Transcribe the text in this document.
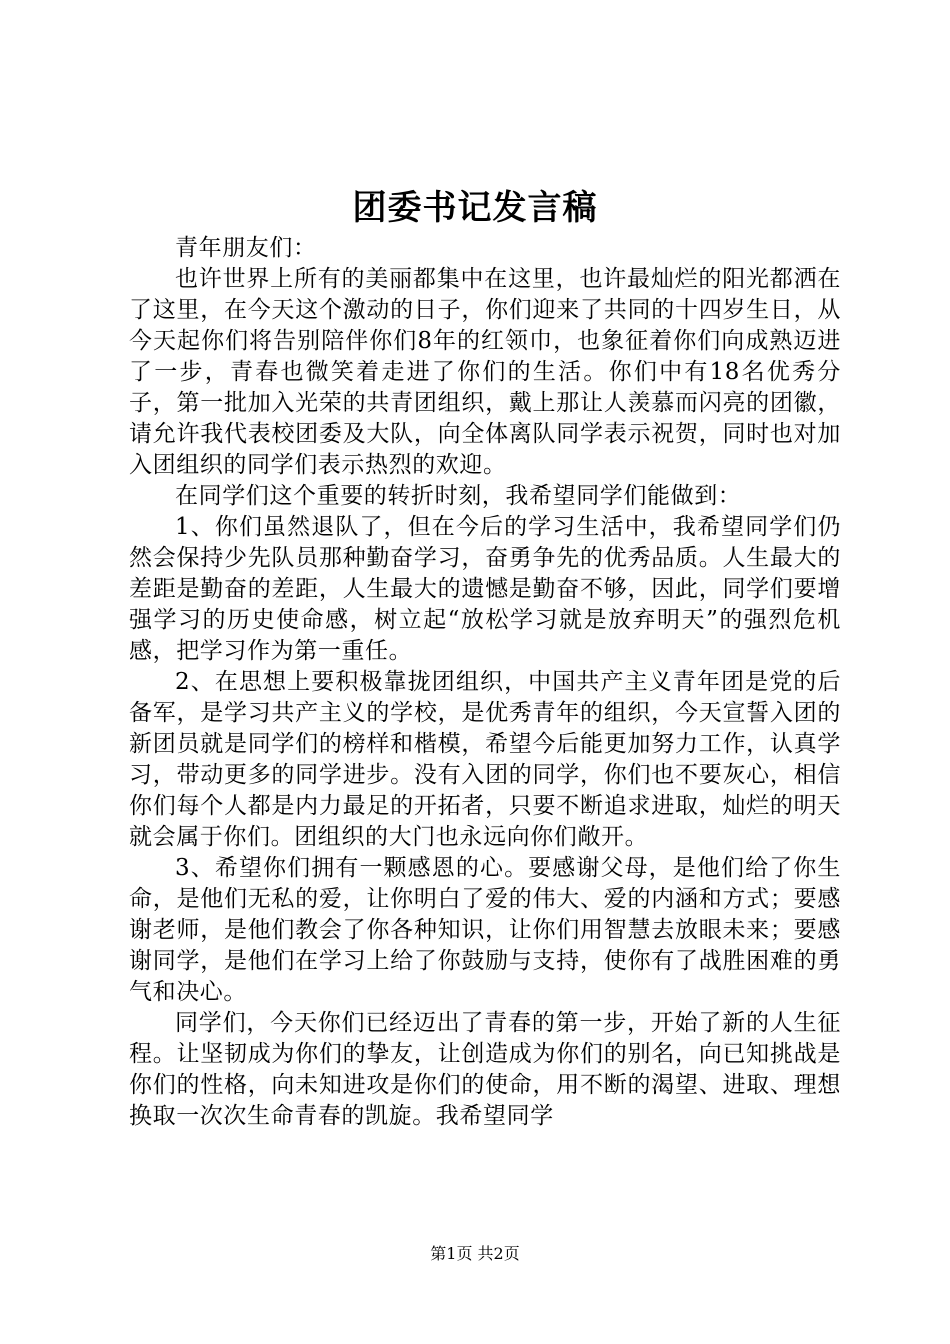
团委书记发言稿

青年朋友们：

也许世界上所有的美丽都集中在这里，也许最灿烂的阳光都洒在了这里，在今天这个激动的日子，你们迎来了共同的十四岁生日，从今天起你们将告别陪伴你们8年的红领巾，也象征着你们向成熟迈进了一步，青春也微笑着走进了你们的生活。你们中有18名优秀分子，第一批加入光荣的共青团组织，戴上那让人羡慕而闪亮的团徽，请允许我代表校团委及大队，向全体离队同学表示祝贺，同时也对加入团组织的同学们表示热烈的欢迎。

在同学们这个重要的转折时刻，我希望同学们能做到：

1、你们虽然退队了，但在今后的学习生活中，我希望同学们仍然会保持少先队员那种勤奋学习，奋勇争先的优秀品质。人生最大的差距是勤奋的差距，人生最大的遗憾是勤奋不够，因此，同学们要增强学习的历史使命感，树立起“放松学习就是放弃明天”的强烈危机感，把学习作为第一重任。

2、在思想上要积极靠拢团组织，中国共产主义青年团是党的后备军，是学习共产主义的学校，是优秀青年的组织，今天宣誓入团的新团员就是同学们的榜样和楷模，希望今后能更加努力工作，认真学习，带动更多的同学进步。没有入团的同学，你们也不要灰心，相信你们每个人都是内力最足的开拓者，只要不断追求进取，灿烂的明天就会属于你们。团组织的大门也永远向你们敞开。

3、希望你们拥有一颗感恩的心。要感谢父母，是他们给了你生命，是他们无私的爱，让你明白了爱的伟大、爱的内涵和方式；要感谢老师，是他们教会了你各种知识，让你们用智慧去放眼未来；要感谢同学，是他们在学习上给了你鼓励与支持，使你有了战胜困难的勇气和决心。

同学们，今天你们已经迈出了青春的第一步，开始了新的人生征程。让坚韧成为你们的挚友，让创造成为你们的别名，向已知挑战是你们的性格，向未知进攻是你们的使命，用不断的渴望、进取、理想换取一次次生命青春的凯旋。我希望同学

第1页 共2页
